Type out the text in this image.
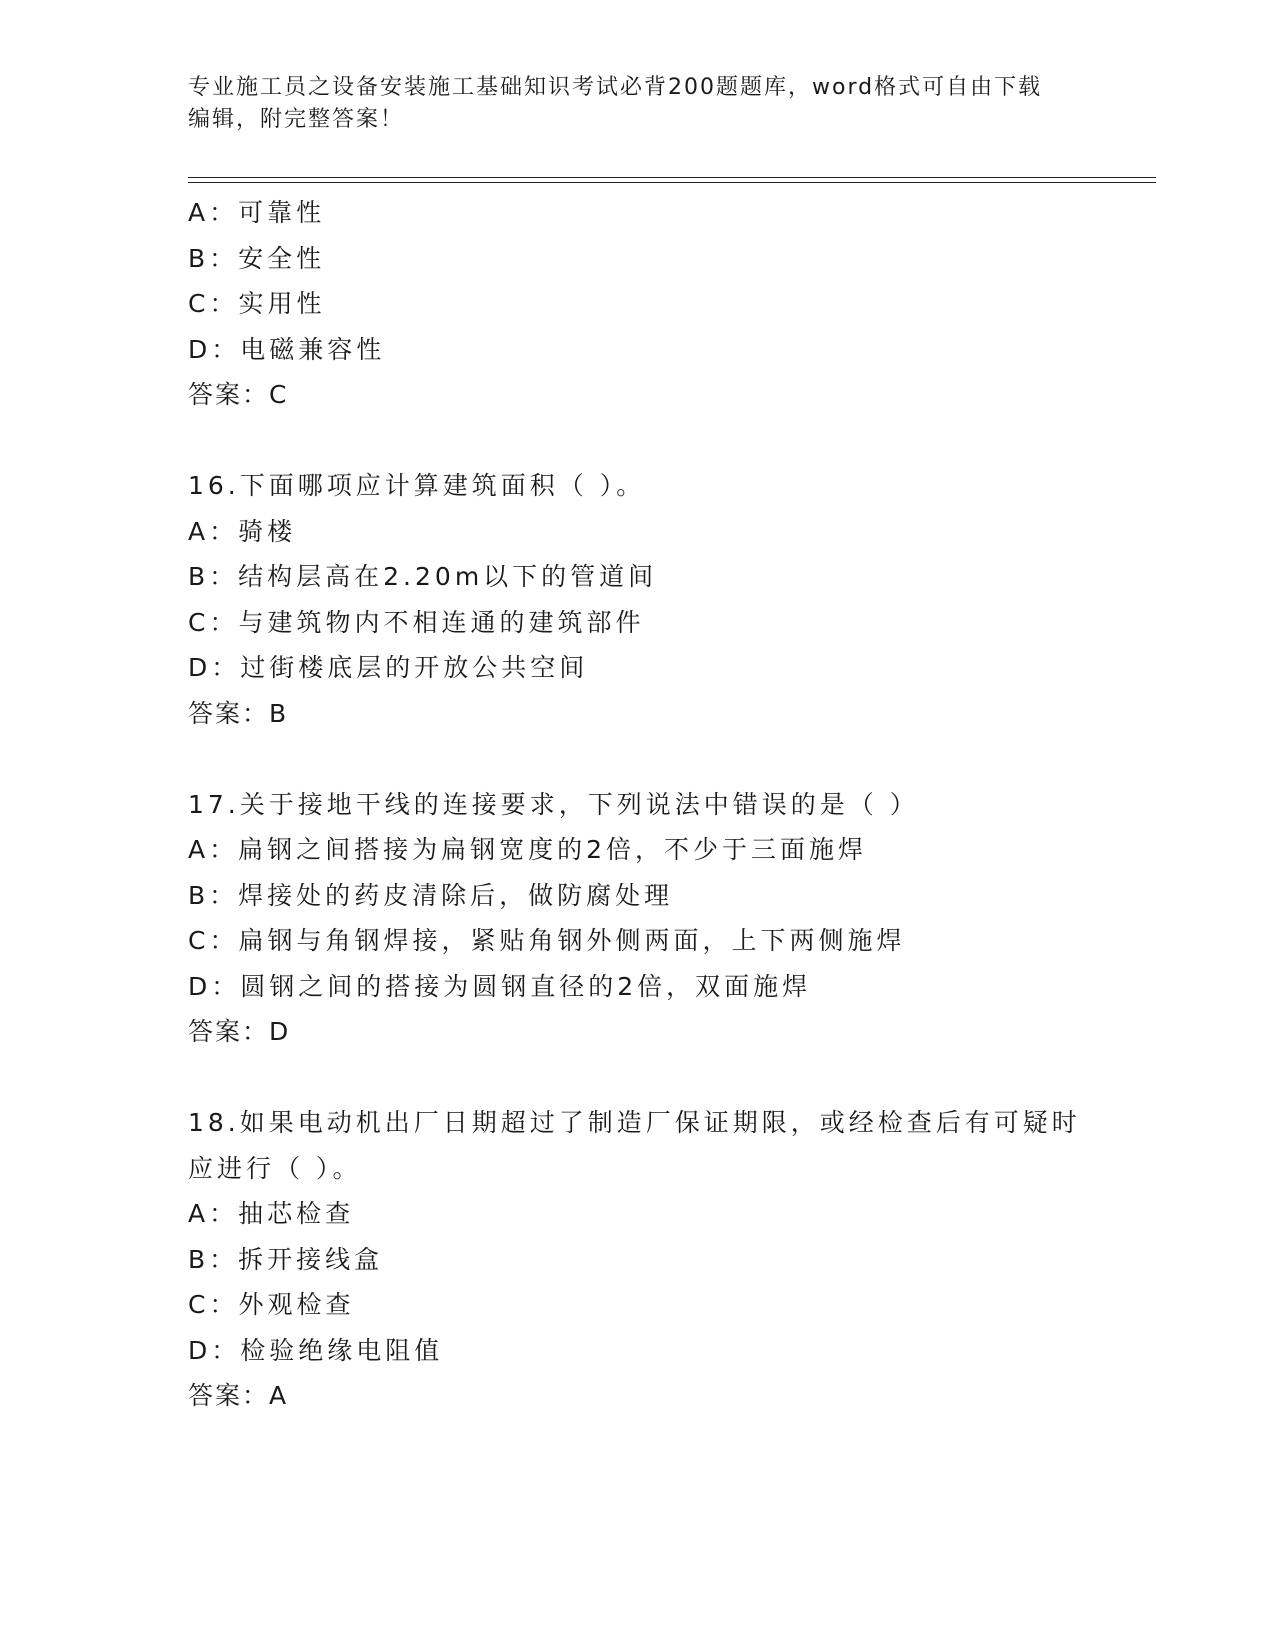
专业施工员之设备安装施工基础知识考试必背200题题库，word格式可自由下载
编辑，附完整答案！
A：可靠性
B：安全性
C：实用性
D：电磁兼容性
答案：C
16.下面哪项应计算建筑面积（ ）。
A：骑楼
B：结构层高在2.20m以下的管道间
C：与建筑物内不相连通的建筑部件
D：过街楼底层的开放公共空间
答案：B
17.关于接地干线的连接要求，下列说法中错误的是（ ）
A：扁钢之间搭接为扁钢宽度的2倍，不少于三面施焊
B：焊接处的药皮清除后，做防腐处理
C：扁钢与角钢焊接，紧贴角钢外侧两面，上下两侧施焊
D：圆钢之间的搭接为圆钢直径的2倍，双面施焊
答案：D
18.如果电动机出厂日期超过了制造厂保证期限，或经检查后有可疑时
应进行（ ）。
A：抽芯检查
B：拆开接线盒
C：外观检查
D：检验绝缘电阻值
答案：A
